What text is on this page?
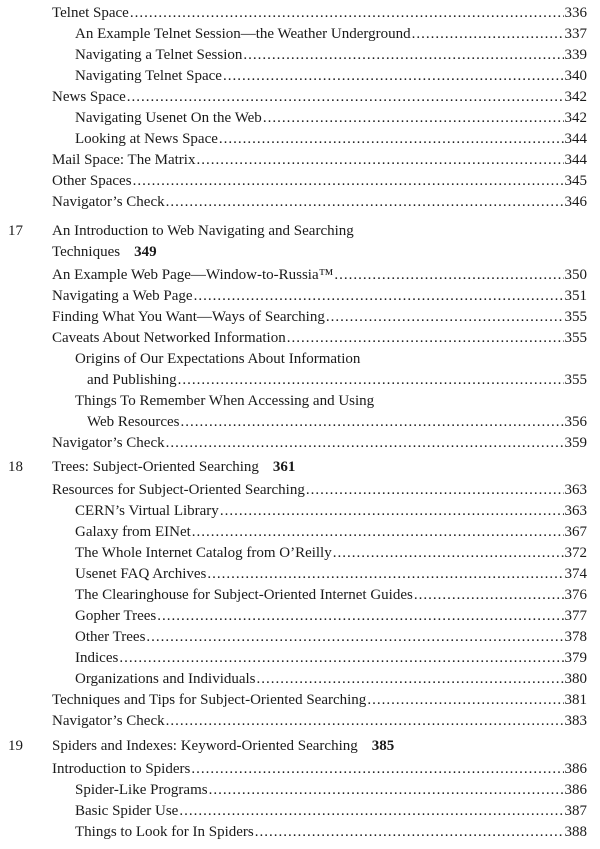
Telnet Space .....	336
An Example Telnet Session—the Weather Underground .....	337
Navigating a Telnet Session .....	339
Navigating Telnet Space .....	340
News Space .....	342
Navigating Usenet On the Web .....	342
Looking at News Space .....	344
Mail Space: The Matrix .....	344
Other Spaces .....	345
Navigator’s Check .....	346
17 An Introduction to Web Navigating and Searching
Techniques 349
An Example Web Page—Window-to-Russia™ .....	350
Navigating a Web Page .....	351
Finding What You Want—Ways of Searching .....	355
Caveats About Networked Information .....	355
Origins of Our Expectations About Information
and Publishing .....	355
Things To Remember When Accessing and Using
Web Resources .....	356
Navigator’s Check .....	359
18 Trees: Subject-Oriented Searching 361
Resources for Subject-Oriented Searching .....	363
CERN’s Virtual Library .....	363
Galaxy from EINet .....	367
The Whole Internet Catalog from O’Reilly .....	372
Usenet FAQ Archives .....	374
The Clearinghouse for Subject-Oriented Internet Guides .....	376
Gopher Trees .....	377
Other Trees .....	378
Indices .....	379
Organizations and Individuals .....	380
Techniques and Tips for Subject-Oriented Searching .....	381
Navigator’s Check .....	383
19 Spiders and Indexes: Keyword-Oriented Searching 385
Introduction to Spiders .....	386
Spider-Like Programs .....	386
Basic Spider Use .....	387
Things to Look for In Spiders .....	388
